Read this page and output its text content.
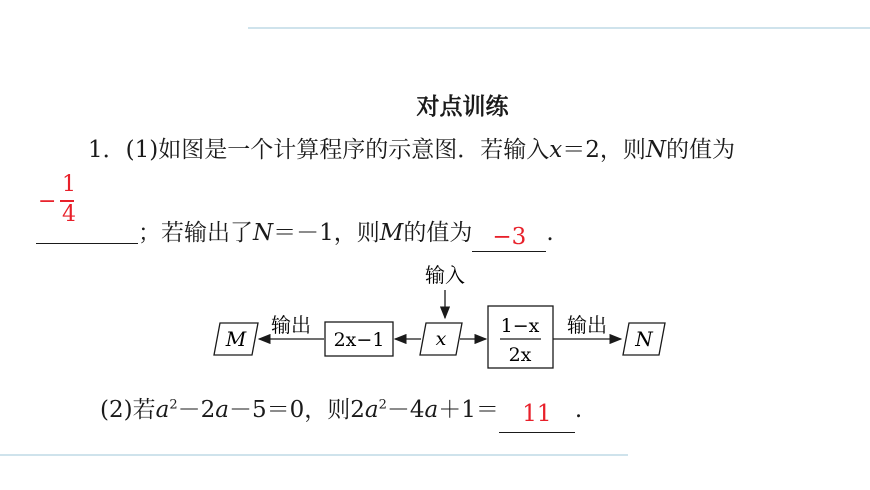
对点训练
1．(1)如图是一个计算程序的示意图．若输入x＝2，则N的值为
−
1
4
；若输出了N＝－1，则M的值为 −3 .
输入
M
输出
2x−1	x
1−x
2x
输出
N
(2)若$a^2-2a-5=0$，则$2a^2-4a+1= 11$ .
